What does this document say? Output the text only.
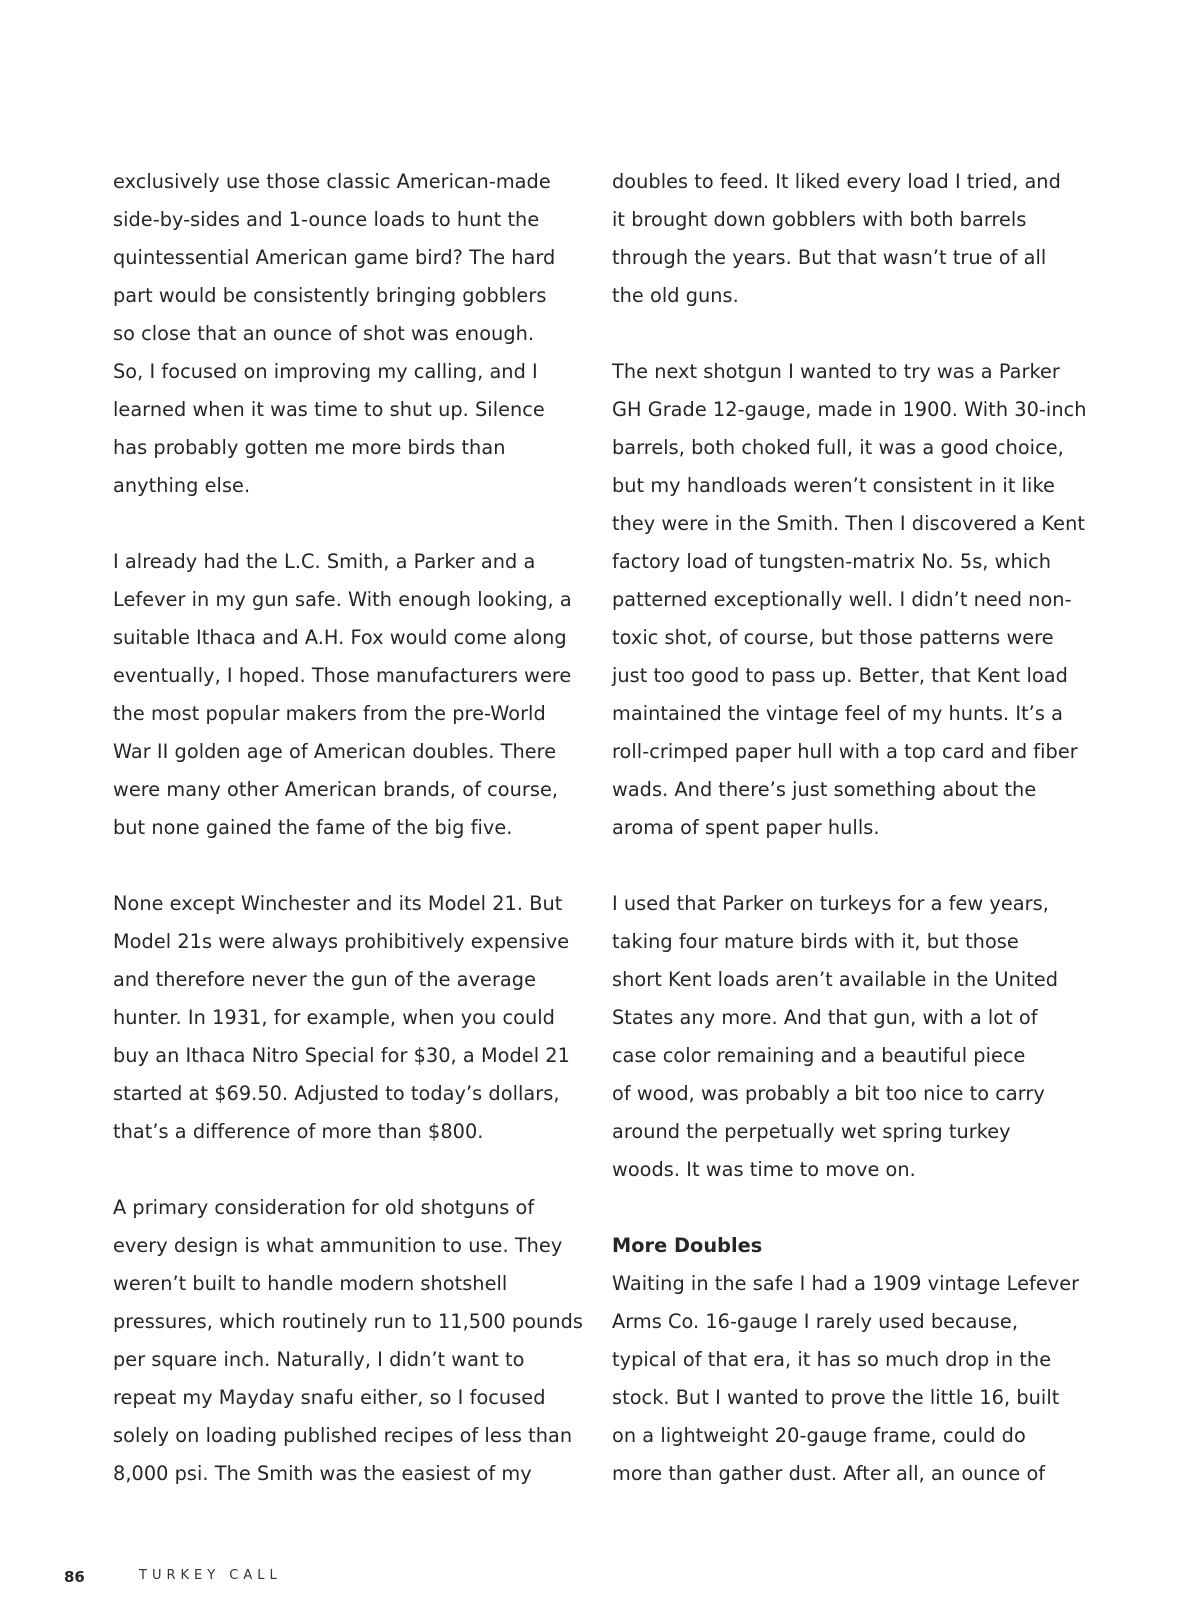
exclusively use those classic American-made
side-by-sides and 1-ounce loads to hunt the
quintessential American game bird? The hard
part would be consistently bringing gobblers
so close that an ounce of shot was enough.
So, I focused on improving my calling, and I
learned when it was time to shut up. Silence
has probably gotten me more birds than
anything else.
I already had the L.C. Smith, a Parker and a
Lefever in my gun safe. With enough looking, a
suitable Ithaca and A.H. Fox would come along
eventually, I hoped. Those manufacturers were
the most popular makers from the pre-World
War II golden age of American doubles. There
were many other American brands, of course,
but none gained the fame of the big five.
None except Winchester and its Model 21. But
Model 21s were always prohibitively expensive
and therefore never the gun of the average
hunter. In 1931, for example, when you could
buy an Ithaca Nitro Special for $30, a Model 21
started at $69.50. Adjusted to today’s dollars,
that’s a difference of more than $800.
A primary consideration for old shotguns of
every design is what ammunition to use. They
weren’t built to handle modern shotshell
pressures, which routinely run to 11,500 pounds
per square inch. Naturally, I didn’t want to
repeat my Mayday snafu either, so I focused
solely on loading published recipes of less than
8,000 psi. The Smith was the easiest of my
doubles to feed. It liked every load I tried, and
it brought down gobblers with both barrels
through the years. But that wasn’t true of all
the old guns.
The next shotgun I wanted to try was a Parker
GH Grade 12-gauge, made in 1900. With 30-inch
barrels, both choked full, it was a good choice,
but my handloads weren’t consistent in it like
they were in the Smith. Then I discovered a Kent
factory load of tungsten-matrix No. 5s, which
patterned exceptionally well. I didn’t need non-
toxic shot, of course, but those patterns were
just too good to pass up. Better, that Kent load
maintained the vintage feel of my hunts. It’s a
roll-crimped paper hull with a top card and fiber
wads. And there’s just something about the
aroma of spent paper hulls.
I used that Parker on turkeys for a few years,
taking four mature birds with it, but those
short Kent loads aren’t available in the United
States any more. And that gun, with a lot of
case color remaining and a beautiful piece
of wood, was probably a bit too nice to carry
around the perpetually wet spring turkey
woods. It was time to move on.
More Doubles
Waiting in the safe I had a 1909 vintage Lefever
Arms Co. 16-gauge I rarely used because,
typical of that era, it has so much drop in the
stock. But I wanted to prove the little 16, built
on a lightweight 20-gauge frame, could do
more than gather dust. After all, an ounce of
86	TURKEY CALL
